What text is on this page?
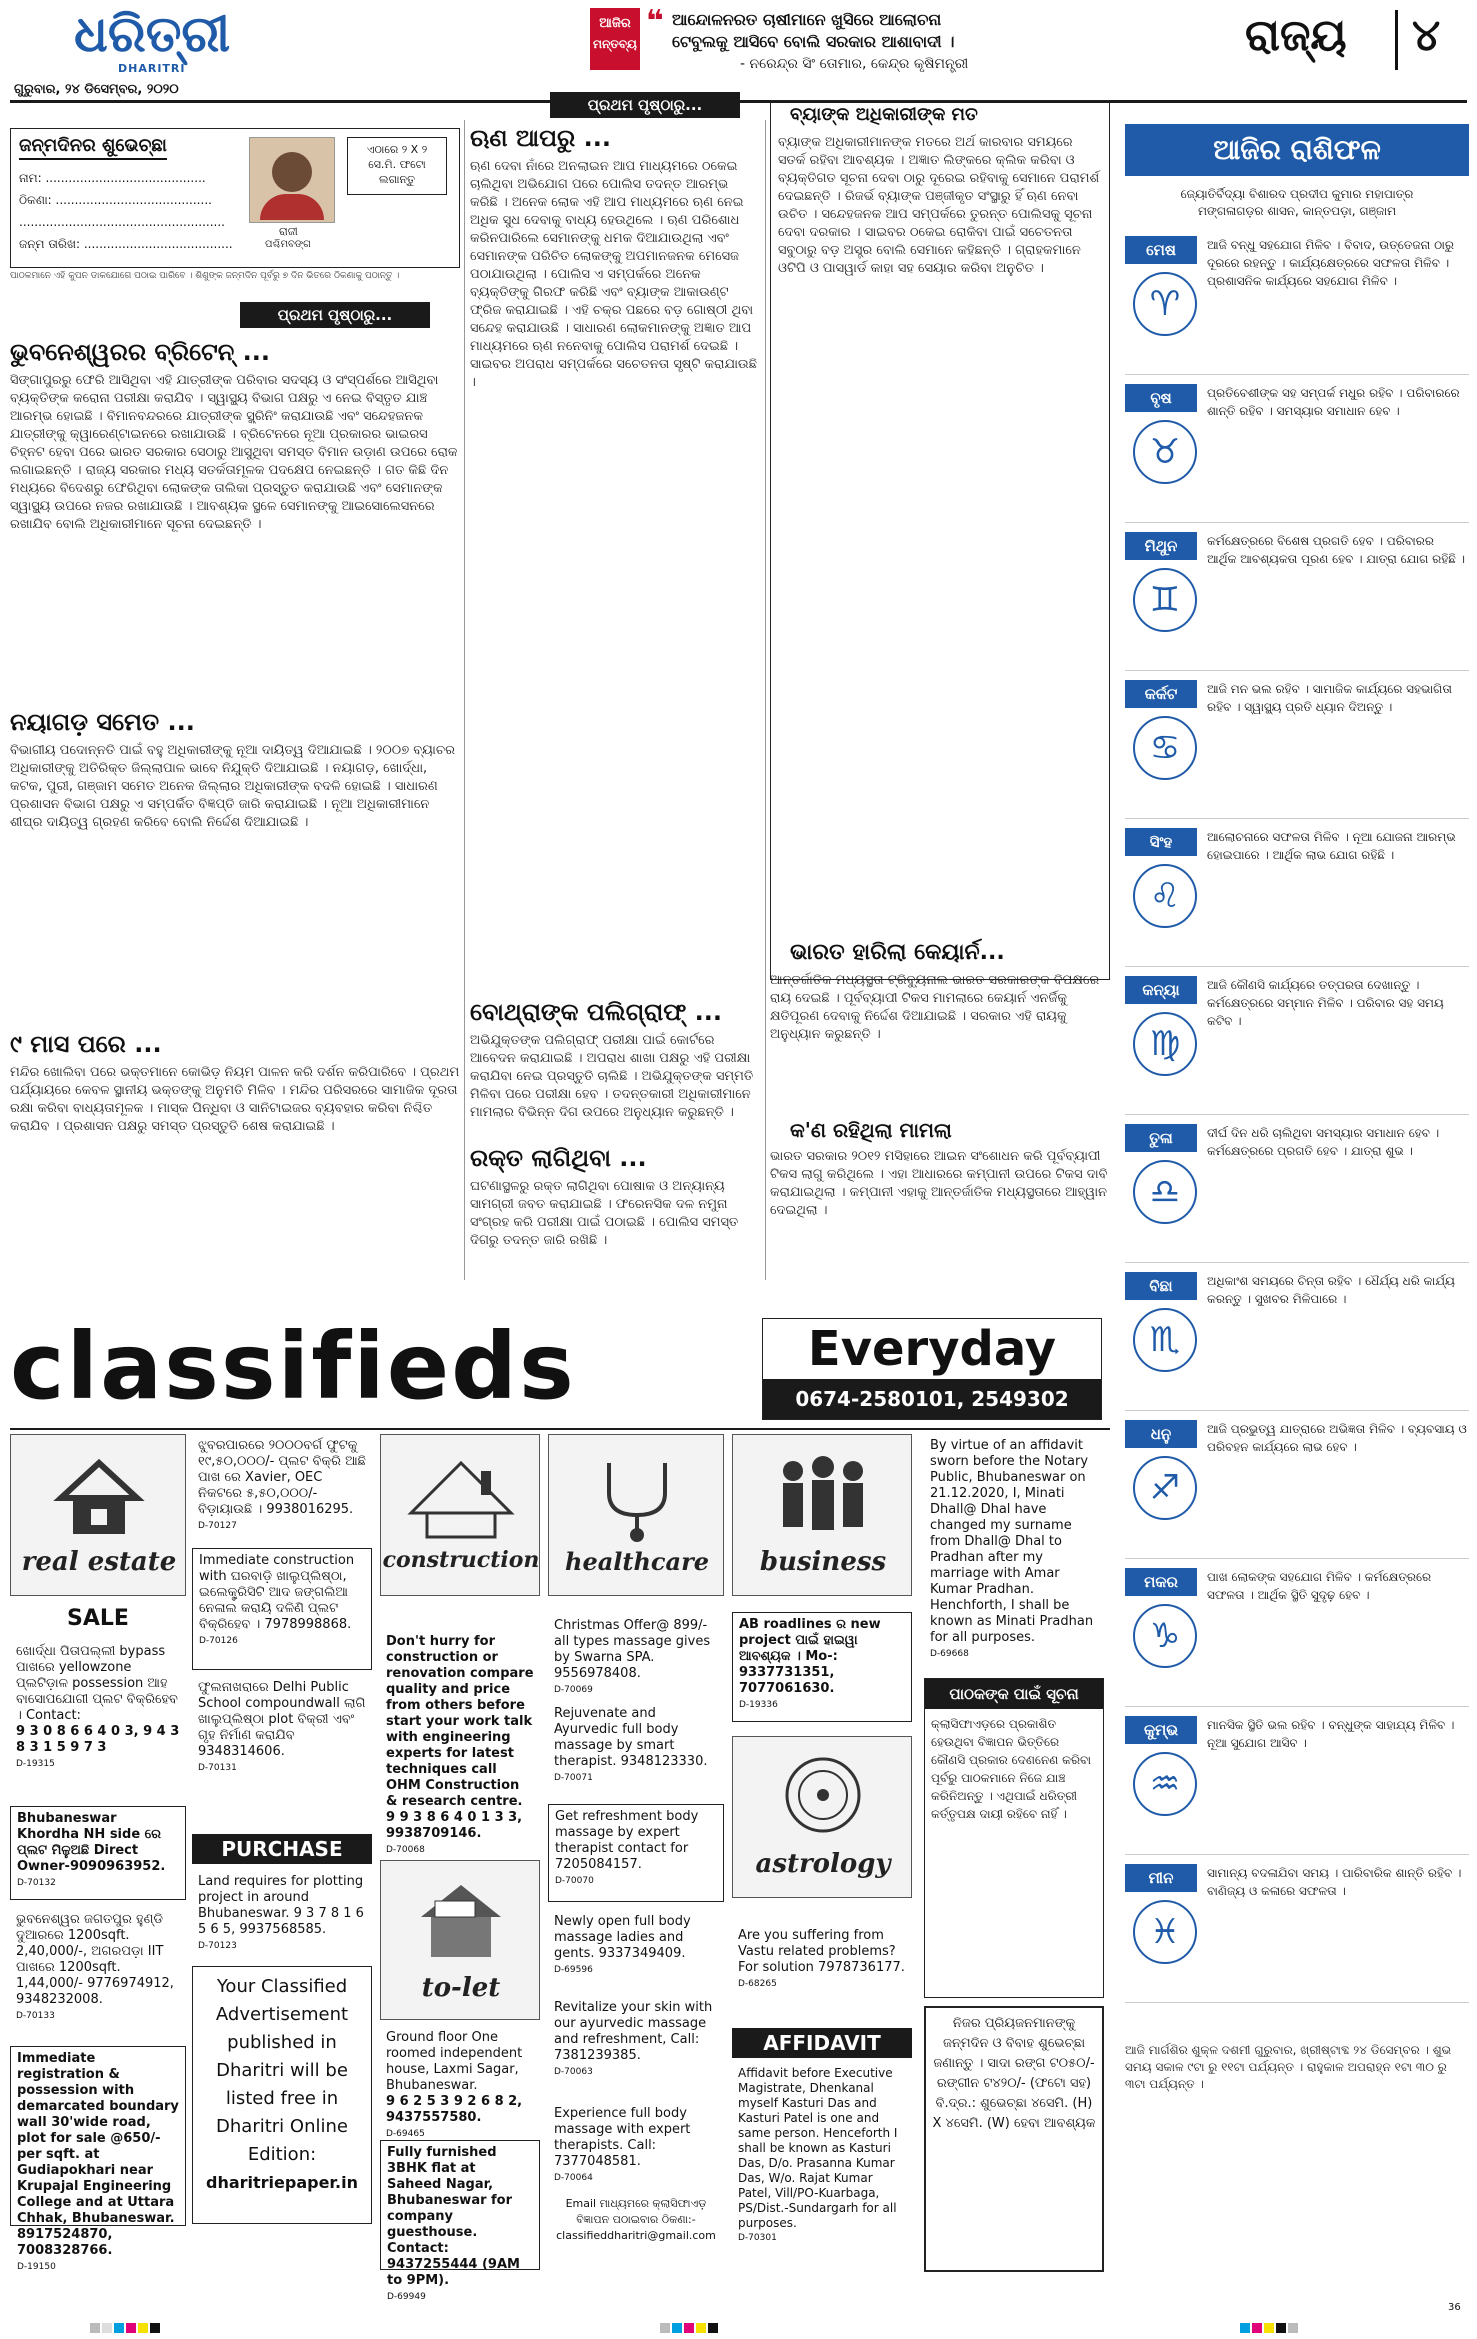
ଧରିତ୍ରୀ
DHARITRI
ଗୁରୁବାର, ୨୪ ଡିସେମ୍ବର, ୨୦୨୦
ଆଜିର
ମନ୍ତବ୍ୟ
❝ ଆନ୍ଦୋଳନରତ ଚାଷୀମାନେ ଖୁସିରେ ଆଲୋଚନା
ଟେବୁଲକୁ ଆସିବେ ବୋଲି ସରକାର ଆଶାବାଦୀ ।
- ନରେନ୍ଦ୍ର ସିଂ ତୋମାର, କେନ୍ଦ୍ର କୃଷିମନ୍ତ୍ରୀ
ରାଜ୍ୟ ୪
ଜନ୍ମଦିନର ଶୁଭେଚ୍ଛା
ନାମ: ..........................................
ଠିକଣା: .........................................
......................................................
ଜନ୍ମ ତାରିଖ: .......................................
ରାଜୀ
ପଶ୍ଚିମବଙ୍ଗ
ଏଠାରେ ୨ X ୨ ସେ.ମି. ଫଟୋ ଲଗାନ୍ତୁ
ପାଠକମାନେ ଏହି କୁପନ ଡାକଯୋଗେ ପଠାଇ ପାରିବେ । ଶିଶୁଙ୍କ ଜନ୍ମଦିନ ପୂର୍ବରୁ ୭ ଦିନ ଭିତରେ ଠିକଣାକୁ ପଠାନ୍ତୁ ।
ପ୍ରଥମ ପୃଷ୍ଠାରୁ...
ଭୁବନେଶ୍ୱରର ବ୍ରିଟେନ୍ ...
ସିଙ୍ଗାପୁରରୁ ଫେରି ଆସିଥିବା ଏହି ଯାତ୍ରୀଙ୍କ ପରିବାର ସଦସ୍ୟ ଓ ସଂସ୍ପର୍ଶରେ ଆସିଥିବା ବ୍ୟକ୍ତିଙ୍କ କରୋନା ପରୀକ୍ଷା କରାଯିବ । ସ୍ୱାସ୍ଥ୍ୟ ବିଭାଗ ପକ୍ଷରୁ ଏ ନେଇ ବିସ୍ତୃତ ଯାଞ୍ଚ ଆରମ୍ଭ ହୋଇଛି । ବିମାନବନ୍ଦରରେ ଯାତ୍ରୀଙ୍କ ସ୍କ୍ରିନିଂ କରାଯାଉଛି ଏବଂ ସନ୍ଦେହଜନକ ଯାତ୍ରୀଙ୍କୁ କ୍ୱାରେଣ୍ଟାଇନରେ ରଖାଯାଉଛି । ବ୍ରିଟେନରେ ନୂଆ ପ୍ରକାରର ଭାଇରସ ଚିହ୍ନଟ ହେବା ପରେ ଭାରତ ସରକାର ସେଠାରୁ ଆସୁଥିବା ସମସ୍ତ ବିମାନ ଉଡ଼ାଣ ଉପରେ ରୋକ ଲଗାଇଛନ୍ତି । ରାଜ୍ୟ ସରକାର ମଧ୍ୟ ସତର୍କତାମୂଳକ ପଦକ୍ଷେପ ନେଇଛନ୍ତି । ଗତ କିଛି ଦିନ ମଧ୍ୟରେ ବିଦେଶରୁ ଫେରିଥିବା ଲୋକଙ୍କ ତାଲିକା ପ୍ରସ୍ତୁତ କରାଯାଉଛି ଏବଂ ସେମାନଙ୍କ ସ୍ୱାସ୍ଥ୍ୟ ଉପରେ ନଜର ରଖାଯାଉଛି । ଆବଶ୍ୟକ ସ୍ଥଳେ ସେମାନଙ୍କୁ ଆଇସୋଲେସନରେ ରଖାଯିବ ବୋଲି ଅଧିକାରୀମାନେ ସୂଚନା ଦେଇଛନ୍ତି ।
ନୟାଗଡ଼ ସମେତ ...
ବିଭାଗୀୟ ପଦୋନ୍ନତି ପାଇଁ ବହୁ ଅଧିକାରୀଙ୍କୁ ନୂଆ ଦାୟିତ୍ୱ ଦିଆଯାଇଛି । ୨୦୦୭ ବ୍ୟାଚର ଅଧିକାରୀଙ୍କୁ ଅତିରିକ୍ତ ଜିଲ୍ଲାପାଳ ଭାବେ ନିଯୁକ୍ତି ଦିଆଯାଇଛି । ନୟାଗଡ଼, ଖୋର୍ଦ୍ଧା, କଟକ, ପୁରୀ, ଗଞ୍ଜାମ ସମେତ ଅନେକ ଜିଲ୍ଲାର ଅଧିକାରୀଙ୍କ ବଦଳି ହୋଇଛି । ସାଧାରଣ ପ୍ରଶାସନ ବିଭାଗ ପକ୍ଷରୁ ଏ ସମ୍ପର୍କିତ ବିଜ୍ଞପ୍ତି ଜାରି କରାଯାଇଛି । ନୂଆ ଅଧିକାରୀମାନେ ଶୀଘ୍ର ଦାୟିତ୍ୱ ଗ୍ରହଣ କରିବେ ବୋଲି ନିର୍ଦ୍ଦେଶ ଦିଆଯାଇଛି ।
୯ ମାସ ପରେ ...
ମନ୍ଦିର ଖୋଲିବା ପରେ ଭକ୍ତମାନେ କୋଭିଡ଼ ନିୟମ ପାଳନ କରି ଦର୍ଶନ କରିପାରିବେ । ପ୍ରଥମ ପର୍ଯ୍ୟାୟରେ କେବଳ ସ୍ଥାନୀୟ ଭକ୍ତଙ୍କୁ ଅନୁମତି ମିଳିବ । ମନ୍ଦିର ପରିସରରେ ସାମାଜିକ ଦୂରତା ରକ୍ଷା କରିବା ବାଧ୍ୟତାମୂଳକ । ମାସ୍କ ପିନ୍ଧିବା ଓ ସାନିଟାଇଜର ବ୍ୟବହାର କରିବା ନିଶ୍ଚିତ କରାଯିବ । ପ୍ରଶାସନ ପକ୍ଷରୁ ସମସ୍ତ ପ୍ରସ୍ତୁତି ଶେଷ କରାଯାଇଛି ।
ପ୍ରଥମ ପୃଷ୍ଠାରୁ...
ଋଣ ଆପରୁ ...
ଋଣ ଦେବା ନାଁରେ ଅନଲାଇନ ଆପ ମାଧ୍ୟମରେ ଠକେଇ ଚାଲିଥିବା ଅଭିଯୋଗ ପରେ ପୋଲିସ ତଦନ୍ତ ଆରମ୍ଭ କରିଛି । ଅନେକ ଲୋକ ଏହି ଆପ ମାଧ୍ୟମରେ ଋଣ ନେଇ ଅଧିକ ସୁଧ ଦେବାକୁ ବାଧ୍ୟ ହେଉଥିଲେ । ଋଣ ପରିଶୋଧ କରିନପାରିଲେ ସେମାନଙ୍କୁ ଧମକ ଦିଆଯାଉଥିଲା ଏବଂ ସେମାନଙ୍କ ପରିଚିତ ଲୋକଙ୍କୁ ଅପମାନଜନକ ମେସେଜ ପଠାଯାଉଥିଲା । ପୋଲିସ ଏ ସମ୍ପର୍କରେ ଅନେକ ବ୍ୟକ୍ତିଙ୍କୁ ଗିରଫ କରିଛି ଏବଂ ବ୍ୟାଙ୍କ ଆକାଉଣ୍ଟ ଫ୍ରିଜ କରାଯାଇଛି । ଏହି ଚକ୍ର ପଛରେ ବଡ଼ ଗୋଷ୍ଠୀ ଥିବା ସନ୍ଦେହ କରାଯାଉଛି । ସାଧାରଣ ଲୋକମାନଙ୍କୁ ଅଜ୍ଞାତ ଆପ ମାଧ୍ୟମରେ ଋଣ ନନେବାକୁ ପୋଲିସ ପରାମର୍ଶ ଦେଇଛି । ସାଇବର ଅପରାଧ ସମ୍ପର୍କରେ ସଚେତନତା ସୃଷ୍ଟି କରାଯାଉଛି ।
ବୋଥ୍ରାଙ୍କ ପଲିଗ୍ରାଫ୍ ...
ଅଭିଯୁକ୍ତଙ୍କ ପଲିଗ୍ରାଫ୍ ପରୀକ୍ଷା ପାଇଁ କୋର୍ଟରେ ଆବେଦନ କରାଯାଇଛି । ଅପରାଧ ଶାଖା ପକ୍ଷରୁ ଏହି ପରୀକ୍ଷା କରାଯିବା ନେଇ ପ୍ରସ୍ତୁତି ଚାଲିଛି । ଅଭିଯୁକ୍ତଙ୍କ ସମ୍ମତି ମିଳିବା ପରେ ପରୀକ୍ଷା ହେବ । ତଦନ୍ତକାରୀ ଅଧିକାରୀମାନେ ମାମଲାର ବିଭିନ୍ନ ଦିଗ ଉପରେ ଅନୁଧ୍ୟାନ କରୁଛନ୍ତି ।
ରକ୍ତ ଲାଗିଥିବା ...
ଘଟଣାସ୍ଥଳରୁ ରକ୍ତ ଲାଗିଥିବା ପୋଷାକ ଓ ଅନ୍ୟାନ୍ୟ ସାମଗ୍ରୀ ଜବତ କରାଯାଇଛି । ଫରେନସିକ ଦଳ ନମୁନା ସଂଗ୍ରହ କରି ପରୀକ୍ଷା ପାଇଁ ପଠାଇଛି । ପୋଲିସ ସମସ୍ତ ଦିଗରୁ ତଦନ୍ତ ଜାରି ରଖିଛି ।
ବ୍ୟାଙ୍କ ଅଧିକାରୀଙ୍କ ମତ
ବ୍ୟାଙ୍କ ଅଧିକାରୀମାନଙ୍କ ମତରେ ଅର୍ଥ କାରବାର ସମୟରେ ସତର୍କ ରହିବା ଆବଶ୍ୟକ । ଅଜ୍ଞାତ ଲିଙ୍କରେ କ୍ଲିକ କରିବା ଓ ବ୍ୟକ୍ତିଗତ ସୂଚନା ଦେବା ଠାରୁ ଦୂରେଇ ରହିବାକୁ ସେମାନେ ପରାମର୍ଶ ଦେଇଛନ୍ତି । ରିଜର୍ଭ ବ୍ୟାଙ୍କ ପଞ୍ଜୀକୃତ ସଂସ୍ଥାରୁ ହିଁ ଋଣ ନେବା ଉଚିତ । ସନ୍ଦେହଜନକ ଆପ ସମ୍ପର୍କରେ ତୁରନ୍ତ ପୋଲିସକୁ ସୂଚନା ଦେବା ଦରକାର । ସାଇବର ଠକେଇ ରୋକିବା ପାଇଁ ସଚେତନତା ସବୁଠାରୁ ବଡ଼ ଅସ୍ତ୍ର ବୋଲି ସେମାନେ କହିଛନ୍ତି । ଗ୍ରାହକମାନେ ଓଟିପି ଓ ପାସୱାର୍ଡ କାହା ସହ ସେୟାର କରିବା ଅନୁଚିତ ।
ଭାରତ ହାରିଲା କେୟାର୍ନ...
ଆନ୍ତର୍ଜାତିକ ମଧ୍ୟସ୍ଥତା ଟ୍ରିବ୍ୟୁନାଲ ଭାରତ ସରକାରଙ୍କ ବିପକ୍ଷରେ ରାୟ ଦେଇଛି । ପୂର୍ବବ୍ୟାପୀ ଟିକସ ମାମଲାରେ କେୟାର୍ନ ଏନର୍ଜିକୁ କ୍ଷତିପୂରଣ ଦେବାକୁ ନିର୍ଦ୍ଦେଶ ଦିଆଯାଇଛି । ସରକାର ଏହି ରାୟକୁ ଅନୁଧ୍ୟାନ କରୁଛନ୍ତି ।
କ'ଣ ରହିଥିଲା ମାମଲା
ଭାରତ ସରକାର ୨୦୧୨ ମସିହାରେ ଆଇନ ସଂଶୋଧନ କରି ପୂର୍ବବ୍ୟାପୀ ଟିକସ ଲାଗୁ କରିଥିଲେ । ଏହା ଆଧାରରେ କମ୍ପାନୀ ଉପରେ ଟିକସ ଦାବି କରାଯାଇଥିଲା । କମ୍ପାନୀ ଏହାକୁ ଆନ୍ତର୍ଜାତିକ ମଧ୍ୟସ୍ଥତାରେ ଆହ୍ୱାନ ଦେଇଥିଲା ।
ଆଜିର ରାଶିଫଳ
ଜ୍ୟୋତିର୍ବିଦ୍ୟା ବିଶାରଦ ପ୍ରଦୀପ କୁମାର ମହାପାତ୍ର
ମଙ୍ଗଳାଗଡ଼ର ଶାସନ, କାନ୍ତପଡ଼ା, ଗଞ୍ଜାମ
ମେଷ
♈
ଆଜି ବନ୍ଧୁ ସହଯୋଗ ମିଳିବ । ବିବାଦ, ଉତ୍ତେଜନା ଠାରୁ ଦୂରରେ ରହନ୍ତୁ । କାର୍ଯ୍ୟକ୍ଷେତ୍ରରେ ସଫଳତା ମିଳିବ । ପ୍ରଶାସନିକ କାର୍ଯ୍ୟରେ ସହଯୋଗ ମିଳିବ ।
ବୃଷ
♉
ପ୍ରତିବେଶୀଙ୍କ ସହ ସମ୍ପର୍କ ମଧୁର ରହିବ । ପରିବାରରେ ଶାନ୍ତି ରହିବ । ସମସ୍ୟାର ସମାଧାନ ହେବ ।
ମିଥୁନ
♊
କର୍ମକ୍ଷେତ୍ରରେ ବିଶେଷ ପ୍ରଗତି ହେବ । ପରିବାରର ଆର୍ଥିକ ଆବଶ୍ୟକତା ପୂରଣ ହେବ । ଯାତ୍ରା ଯୋଗ ରହିଛି ।
କର୍କଟ
♋
ଆଜି ମନ ଭଲ ରହିବ । ସାମାଜିକ କାର୍ଯ୍ୟରେ ସହଭାଗିତା ରହିବ । ସ୍ୱାସ୍ଥ୍ୟ ପ୍ରତି ଧ୍ୟାନ ଦିଅନ୍ତୁ ।
ସିଂହ
♌
ଆଲୋଚନାରେ ସଫଳତା ମିଳିବ । ନୂଆ ଯୋଜନା ଆରମ୍ଭ ହୋଇପାରେ । ଆର୍ଥିକ ଲାଭ ଯୋଗ ରହିଛି ।
କନ୍ୟା
♍
ଆଜି କୌଣସି କାର୍ଯ୍ୟରେ ତତ୍ପରତା ଦେଖାନ୍ତୁ । କର୍ମକ୍ଷେତ୍ରରେ ସମ୍ମାନ ମିଳିବ । ପରିବାର ସହ ସମୟ କଟିବ ।
ତୁଳା
♎
ଦୀର୍ଘ ଦିନ ଧରି ଚାଲିଥିବା ସମସ୍ୟାର ସମାଧାନ ହେବ । କର୍ମକ୍ଷେତ୍ରରେ ପ୍ରଗତି ହେବ । ଯାତ୍ରା ଶୁଭ ।
ବିଛା
♏
ଅଧିକାଂଶ ସମୟରେ ଚିନ୍ତା ରହିବ । ଧୈର୍ଯ୍ୟ ଧରି କାର୍ଯ୍ୟ କରନ୍ତୁ । ସୁଖବର ମିଳିପାରେ ।
ଧନୁ
♐
ଆଜି ପ୍ରଭୁତ୍ୱ ଯାତ୍ରାରେ ଅଭିଜ୍ଞତା ମିଳିବ । ବ୍ୟବସାୟ ଓ ପରିବହନ କାର୍ଯ୍ୟରେ ଲାଭ ହେବ ।
ମକର
♑
ପାଖ ଲୋକଙ୍କ ସହଯୋଗ ମିଳିବ । କର୍ମକ୍ଷେତ୍ରରେ ସଫଳତା । ଆର୍ଥିକ ସ୍ଥିତି ସୁଦୃଢ଼ ହେବ ।
କୁମ୍ଭ
♒
ମାନସିକ ସ୍ଥିତି ଭଲ ରହିବ । ବନ୍ଧୁଙ୍କ ସାହାଯ୍ୟ ମିଳିବ । ନୂଆ ସୁଯୋଗ ଆସିବ ।
ମୀନ
♓
ସାମାନ୍ୟ ବଦଳାଯିବା ସମୟ । ପାରିବାରିକ ଶାନ୍ତି ରହିବ । ବାଣିଜ୍ୟ ଓ କଳାରେ ସଫଳତା ।
ଆଜି ମାର୍ଗଶିର ଶୁକ୍ଳ ଦଶମୀ ଗୁରୁବାର, ଖ୍ରୀଷ୍ଟାବ୍ଦ ୨୪ ଡିସେମ୍ବର । ଶୁଭ ସମୟ ସକାଳ ୯ଟା ରୁ ୧୧ଟା ପର୍ଯ୍ୟନ୍ତ । ରାହୁକାଳ ଅପରାହ୍ନ ୧ଟା ୩୦ ରୁ ୩ଟା ପର୍ଯ୍ୟନ୍ତ ।
classifieds	Everyday
0674-2580101, 2549302
real estate
SALE
ଖୋର୍ଦ୍ଧା ପିତାପଲ୍ଲୀ bypass ପାଖରେ yellowzone ପ୍ଲଟିଡ଼ାଳ possession ଆହ ବାସୋପଯୋଗୀ ପ୍ଲଟ ବିକ୍ରିହେବ । Contact:
9 3 0 8 6 6 4 0 3, 9 4 3 8 3 1 5 9 7 3
D-19315
Bhubaneswar Khordha NH side ରେ ପ୍ଲଟ ମିଳୁଅଛି Direct Owner-9090963952.
D-70132
ଭୁବନେଶ୍ୱର ଜଗତପୁର ହୁଣ୍ଡି ଦୁଆରରେ 1200sqft. 2,40,000/-, ଅଗରପଡ଼ା IIT ପାଖରେ 1200sqft. 1,44,000/- 9776974912, 9348232008.
D-70133
Immediate registration & possession with demarcated boundary wall 30'wide road, plot for sale @650/- per sqft. at Gudiapokhari near Krupajal Engineering College and at Uttara Chhak, Bhubaneswar.
8917524870, 7008328766.
D-19150
ଝୁବରପାରରେ ୨୦୦୦ବର୍ଗ ଫୁଟକୁ ୧୯,୫୦,୦୦୦/- ପ୍ଲଟ ବିକ୍ରି ଆଛି ପାଖ ରେ Xavier, OEC ନିକଟରେ ୫,୫୦,୦୦୦/- ବିଡ଼ାୟାଉଛି । 9938016295.
D-70127
Immediate construction with ଘରବାଡ଼ି ଖାଲୁପ୍ଲିଷ୍ଠା, ଇଲେକ୍ଟ୍ରିସିଟି ଆଦ ଜଙ୍ଗଲିଆ ନେଳାଲ କରାୟି ଦଳିଣି ପ୍ଲଟ ବିକ୍ରିହେବ । 7978998868.
D-70126
ଫୁଲନାଖରାରେ Delhi Public School compoundwall ଲାଗି ଖାଲୁପ୍ଲିଷ୍ଠା plot ବିକ୍ରୀ ଏବଂ ଗୃହ ନିର୍ମାଣ କରାଯିବ 9348314606.
D-70131
PURCHASE
Land requires for plotting project in around Bhubaneswar. 9 3 7 8 1 6 5 6 5, 9937568585.
D-70123
Your Classified Advertisement published in Dharitri will be listed free in Dharitri Online Edition:
dharitriepaper.in
construction
Don't hurry for construction or renovation compare quality and price from others before start your work talk with engineering experts for latest techniques call OHM Construction & research centre.
9 9 3 8 6 4 0 1 3 3, 9938709146.
D-70068
to-let
Ground floor One roomed independent house, Laxmi Sagar, Bhubaneswar.
9 6 2 5 3 9 2 6 8 2, 9437557580.
D-69465
Fully furnished 3BHK flat at Saheed Nagar, Bhubaneswar for company guesthouse. Contact: 9437255444 (9AM to 9PM).
D-69949
healthcare
Christmas Offer@ 899/- all types massage gives by Swarna SPA. 9556978408.
D-70069
Rejuvenate and Ayurvedic full body massage by smart therapist. 9348123330.
D-70071
Get refreshment body massage by expert therapist contact for 7205084157.
D-70070
Newly open full body massage ladies and gents. 9337349409.
D-69596
Revitalize your skin with our ayurvedic massage and refreshment, Call: 7381239385.
D-70063
Experience full body massage with expert therapists. Call: 7377048581.
D-70064
Email ମାଧ୍ୟମରେ କ୍ଲାସିଫାଏଡ଼ ବିଜ୍ଞାପନ ପଠାଇବାର ଠିକଣା:-
classifieddharitri@gmail.com
business
AB roadlines ର new project ପାଇଁ ହାଇୱା ଆବଶ୍ୟକ । Mo-: 9337731351, 7077061630.
D-19336
astrology
Are you suffering from Vastu related problems? For solution 7978736177.
D-68265
AFFIDAVIT
Affidavit before Executive Magistrate, Dhenkanal myself Kasturi Das and Kasturi Patel is one and same person. Henceforth I shall be known as Kasturi Das, D/o. Prasanna Kumar Das, W/o. Rajat Kumar Patel, Vill/PO-Kuarbaga, PS/Dist.-Sundargarh for all purposes.
D-70301
By virtue of an affidavit sworn before the Notary Public, Bhubaneswar on 21.12.2020, I, Minati Dhall@ Dhal have changed my surname from Dhall@ Dhal to Pradhan after my marriage with Amar Kumar Pradhan. Henchforth, I shall be known as Minati Pradhan for all purposes.
D-69668
ପାଠକଙ୍କ ପାଇଁ ସୂଚନା
କ୍ଲାସିଫାଏଡ଼ରେ ପ୍ରକାଶିତ ହେଉଥିବା ବିଜ୍ଞାପନ ଭିତ୍ତିରେ କୌଣସି ପ୍ରକାର ଦେଣନେଣ କରିବା ପୂର୍ବରୁ ପାଠକମାନେ ନିଜେ ଯାଞ୍ଚ କରିନିଅନ୍ତୁ । ଏଥିପାଇଁ ଧରିତ୍ରୀ କର୍ତ୍ତୃପକ୍ଷ ଦାୟୀ ରହିବେ ନାହିଁ ।
ନିଜର ପ୍ରିୟଜନମାନଙ୍କୁ ଜନ୍ମଦିନ ଓ ବିବାହ ଶୁଭେଚ୍ଛା ଜଣାନ୍ତୁ । ସାଦା ରଙ୍ଗ ଟ୦୫୦/- ରଙ୍ଗୀନ ଟ୪୨୦/- (ଫଟୋ ସହ) ବି.ଦ୍ର.: ଶୁଭେଚ୍ଛା ୪ସେମି. (H) X ୪ସେମି. (W) ହେବା ଆବଶ୍ୟକ
36
